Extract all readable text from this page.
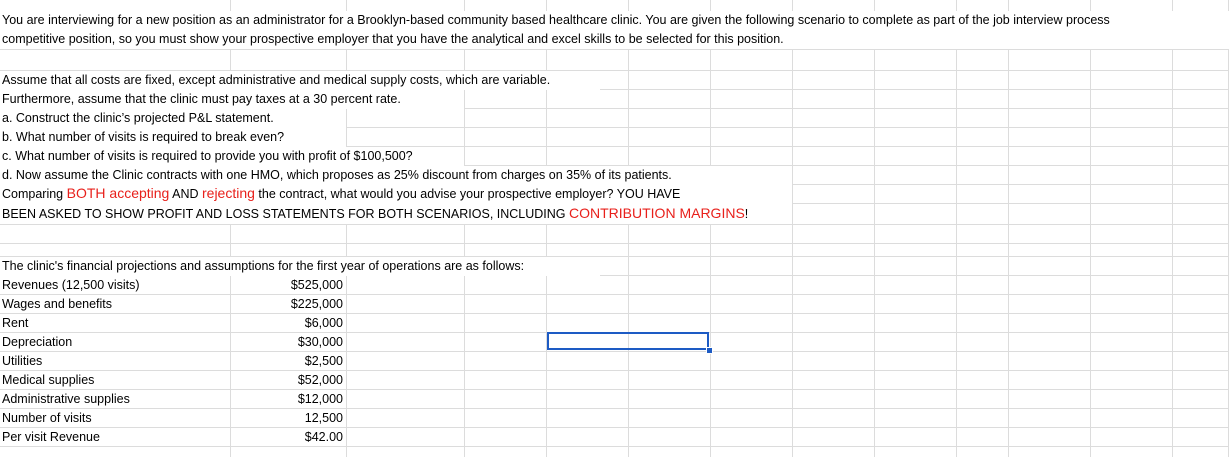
You are interviewing for a new position as an administrator for a Brooklyn-based community based healthcare clinic. You are given the following scenario to complete as part of the job interview process
competitive position, so you must show your prospective employer that you have the analytical and excel skills to be selected for this position.
Assume that all costs are fixed, except administrative and medical supply costs, which are variable.
Furthermore, assume that the clinic must pay taxes at a 30 percent rate.
a. Construct the clinic’s projected P&L statement.
b. What number of visits is required to break even?
c. What number of visits is required to provide you with profit of $100,500?
d. Now assume the Clinic contracts with one HMO, which proposes as 25% discount from charges on 35% of its patients.
Comparing BOTH accepting AND rejecting the contract, what would you advise your prospective employer? YOU HAVE
BEEN ASKED TO SHOW PROFIT AND LOSS STATEMENTS FOR BOTH SCENARIOS, INCLUDING CONTRIBUTION MARGINS!
The clinic's financial projections and assumptions for the first year of operations are as follows:
Revenues (12,500 visits)	$525,000
Wages and benefits	$225,000
Rent	$6,000
Depreciation	$30,000
Utilities	$2,500
Medical supplies	$52,000
Administrative supplies	$12,000
Number of visits	12,500
Per visit Revenue	$42.00
